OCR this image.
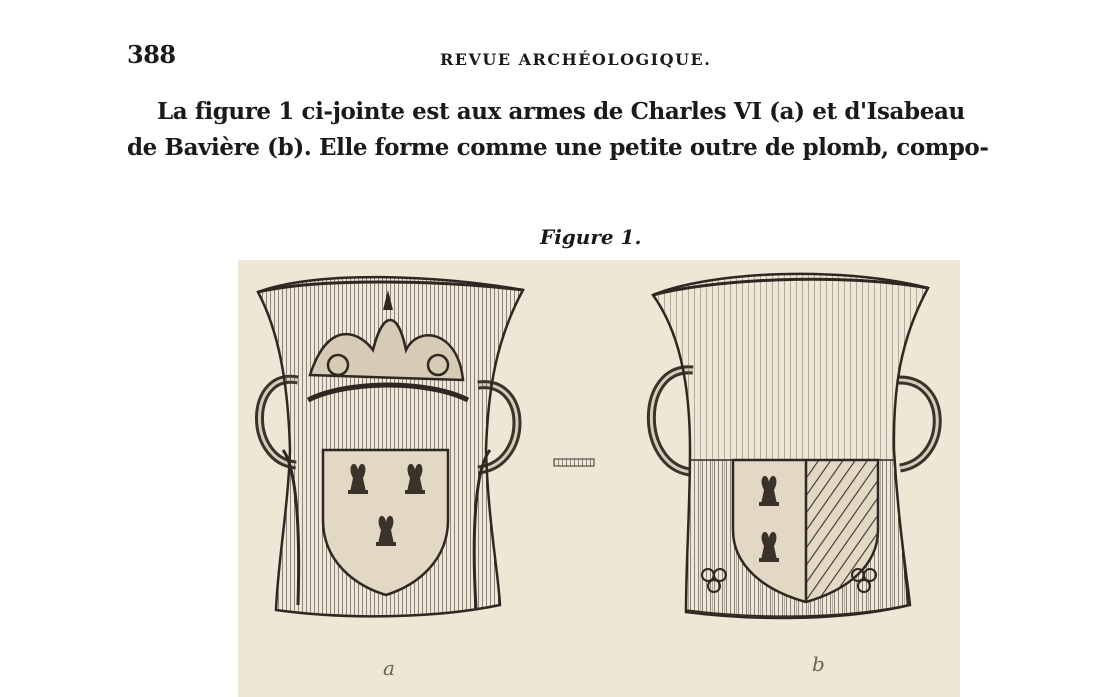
388	REVUE ARCHÉOLOGIQUE.
La figure 1 ci-jointe est aux armes de Charles VI (a) et d'Isabeau
de Bavière (b). Elle forme comme une petite outre de plomb, compo-
Figure 1.
a	b
